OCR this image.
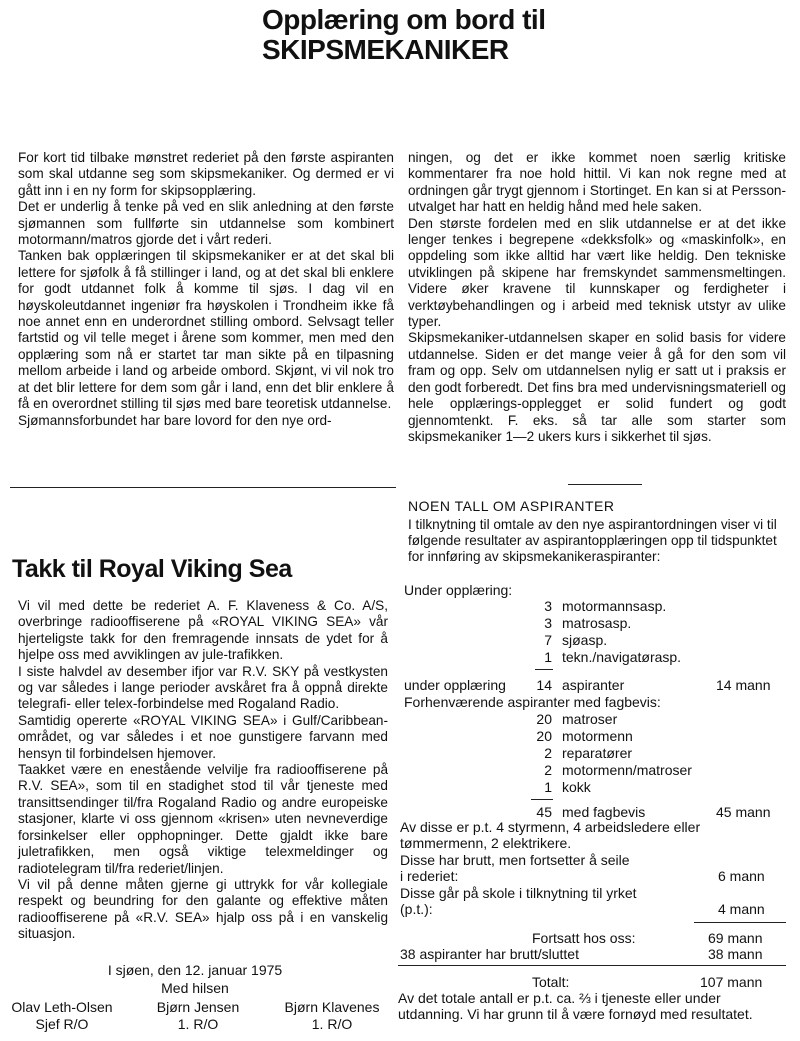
Opplæring om bord til
SKIPSMEKANIKER

For kort tid tilbake mønstret rederiet på den første aspiranten som skal utdanne seg som skipsmekaniker. Og dermed er vi gått inn i en ny form for skipsopplæring.

Det er underlig å tenke på ved en slik anledning at den første sjømannen som fullførte sin utdannelse som kombinert motormann/matros gjorde det i vårt rederi.

Tanken bak opplæringen til skipsmekaniker er at det skal bli lettere for sjøfolk å få stillinger i land, og at det skal bli enklere for godt utdannet folk å komme til sjøs. I dag vil en høyskoleutdannet ingeniør fra høyskolen i Trondheim ikke få noe annet enn en underordnet stilling ombord. Selvsagt teller fartstid og vil telle meget i årene som kommer, men med den opplæring som nå er startet tar man sikte på en tilpasning mellom arbeide i land og arbeide ombord. Skjønt, vi vil nok tro at det blir lettere for dem som går i land, enn det blir enklere å få en overordnet stilling til sjøs med bare teoretisk utdannelse.

Sjømannsforbundet har bare lovord for den nye ord-

ningen, og det er ikke kommet noen særlig kritiske kommentarer fra noe hold hittil. Vi kan nok regne med at ordningen går trygt gjennom i Stortinget. En kan si at Persson-utvalget har hatt en heldig hånd med hele saken.

Den største fordelen med en slik utdannelse er at det ikke lenger tenkes i begrepene «dekksfolk» og «maskinfolk», en oppdeling som ikke alltid har vært like heldig. Den tekniske utviklingen på skipene har fremskyndet sammensmeltingen. Videre øker kravene til kunnskaper og ferdigheter i verktøybehandlingen og i arbeid med teknisk utstyr av ulike typer.

Skipsmekaniker-utdannelsen skaper en solid basis for videre utdannelse. Siden er det mange veier å gå for den som vil fram og opp. Selv om utdannelsen nylig er satt ut i praksis er den godt forberedt. Det fins bra med undervisningsmateriell og hele opplærings-opplegget er solid fundert og godt gjennomtenkt. F. eks. så tar alle som starter som skipsmekaniker 1—2 ukers kurs i sikkerhet til sjøs.

Takk til Royal Viking Sea

Vi vil med dette be rederiet A. F. Klaveness & Co. A/S, overbringe radiooffiserene på «ROYAL VIKING SEA» vår hjerteligste takk for den fremragende innsats de ydet for å hjelpe oss med avviklingen av jule-trafikken.

I siste halvdel av desember ifjor var R.V. SKY på vestkysten og var således i lange perioder avskåret fra å oppnå direkte telegrafi- eller telex-forbindelse med Rogaland Radio.

Samtidig opererte «ROYAL VIKING SEA» i Gulf/Caribbean-området, og var således i et noe gunstigere farvann med hensyn til forbindelsen hjemover.

Taakket være en enestående velvilje fra radiooffiserene på R.V. SEA», som til en stadighet stod til vår tjeneste med transittsendinger til/fra Rogaland Radio og andre europeiske stasjoner, klarte vi oss gjennom «krisen» uten nevneverdige forsinkelser eller opphopninger. Dette gjaldt ikke bare juletrafikken, men også viktige telexmeldinger og radiotelegram til/fra rederiet/linjen.

Vi vil på denne måten gjerne gi uttrykk for vår kollegiale respekt og beundring for den galante og effektive måten radiooffiserene på «R.V. SEA» hjalp oss på i en vanskelig situasjon.

I sjøen, den 12. januar 1975
Med hilsen
Olav Leth-Olsen
Sjef R/O
Bjørn Jensen
1. R/O
Bjørn Klavenes
1. R/O
NOEN TALL OM ASPIRANTER
I tilknytning til omtale av den nye aspirantordningen viser vi til følgende resultater av aspirantopplæringen opp til tidspunktet for innføring av skipsmekanikeraspiranter:
Under opplæring:
3 motormannsasp.
3 matrosasp.
7 sjøasp.
1 tekn./navigatørasp.
under opplæring	14 aspiranter	14 mann
Forhenværende aspiranter med fagbevis:
20 matroser
20 motormenn
2 reparatører
2 motormenn/matroser
1 kokk
45 med fagbevis	45 mann
Av disse er p.t. 4 styrmenn, 4 arbeidsledere eller tømmermenn, 2 elektrikere.
Disse har brutt, men fortsetter å seile
i rederiet:	6 mann
Disse går på skole i tilknytning til yrket
(p.t.):	4 mann
Fortsatt hos oss:	69 mann
38 aspiranter har brutt/sluttet	38 mann
Totalt:	107 mann
Av det totale antall er p.t. ca. ⅔ i tjeneste eller under utdanning. Vi har grunn til å være fornøyd med resultatet.
